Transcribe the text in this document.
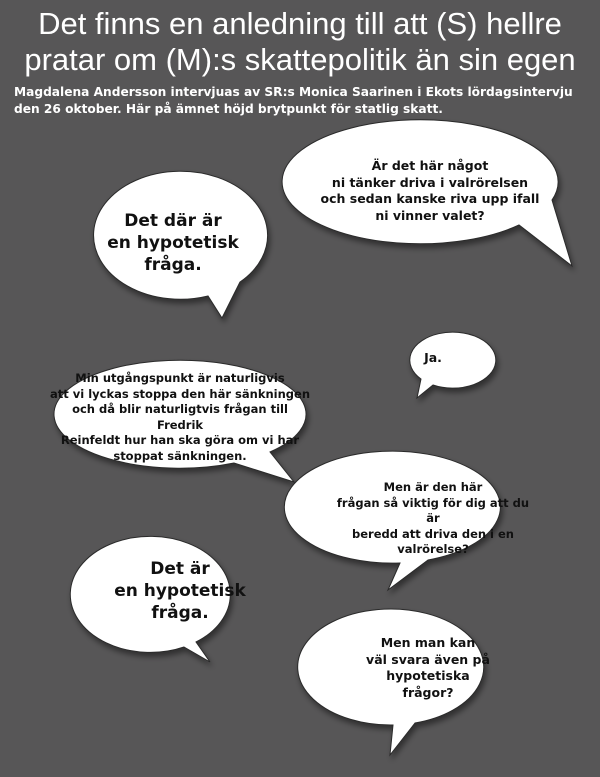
Det finns en anledning till att (S) hellre
pratar om (M):s skattepolitik än sin egen

Magdalena Andersson intervjuas av SR:s Monica Saarinen i Ekots lördagsintervju den 26 oktober. Här på ämnet höjd brytpunkt för statlig skatt.

Är det här något
ni tänker driva i valrörelsen
och sedan kanske riva upp ifall
ni vinner valet?
Det där är
en hypotetisk
fråga.
Ja.
Min utgångspunkt är naturligvis
att vi lyckas stoppa den här sänkningen
och då blir naturligtvis frågan till Fredrik
Reinfeldt hur han ska göra om vi har
stoppat sänkningen.
Men är den här
frågan så viktig för dig att du är
beredd att driva den i en
valrörelse?
Det är
en hypotetisk
fråga.
Men man kan
väl svara även på
hypotetiska
frågor?
